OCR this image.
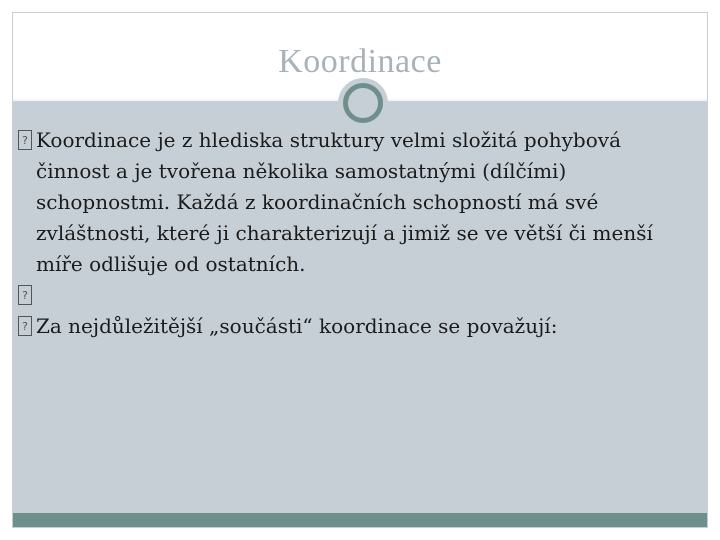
Koordinace
? Koordinace je z hlediska struktury velmi složitá pohybová činnost a je tvořena několika samostatnými (dílčími) schopnostmi. Každá z koordinačních schopností má své zvláštnosti, které ji charakterizují a jimiž se ve větší či menší míře odlišuje od ostatních.
?
? Za nejdůležitější „součásti“ koordinace se považují:
